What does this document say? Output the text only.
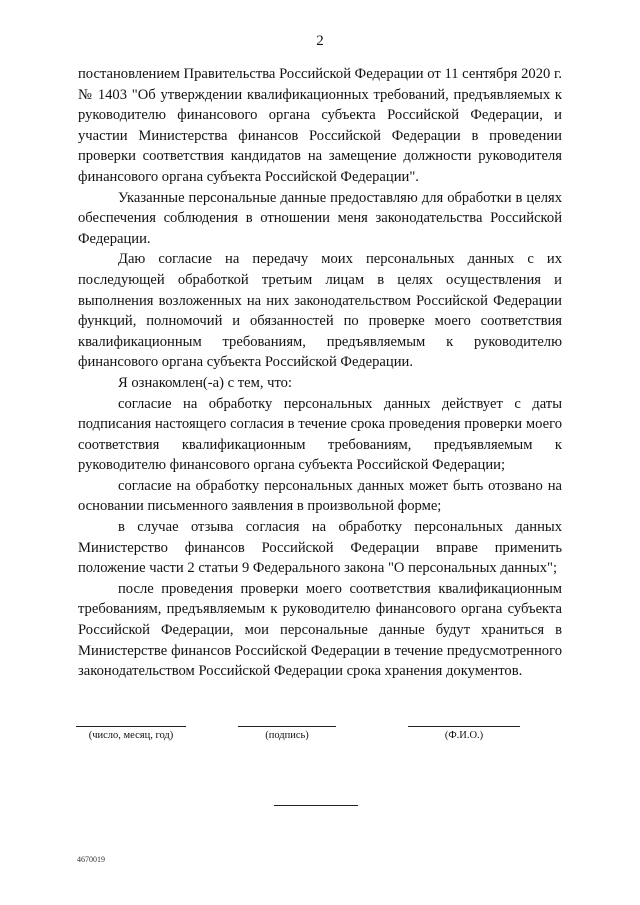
2

постановлением Правительства Российской Федерации от 11 сентября 2020 г. № 1403 "Об утверждении квалификационных требований, предъявляемых к руководителю финансового органа субъекта Российской Федерации, и участии Министерства финансов Российской Федерации в проведении проверки соответствия кандидатов на замещение должности руководителя финансового органа субъекта Российской Федерации".

Указанные персональные данные предоставляю для обработки в целях обеспечения соблюдения в отношении меня законодательства Российской Федерации.

Даю согласие на передачу моих персональных данных с их последующей обработкой третьим лицам в целях осуществления и выполнения возложенных на них законодательством Российской Федерации функций, полномочий и обязанностей по проверке моего соответствия квалификационным требованиям, предъявляемым к руководителю финансового органа субъекта Российской Федерации.

Я ознакомлен(-а) с тем, что:

согласие на обработку персональных данных действует с даты подписания настоящего согласия в течение срока проведения проверки моего соответствия квалификационным требованиям, предъявляемым к руководителю финансового органа субъекта Российской Федерации;

согласие на обработку персональных данных может быть отозвано на основании письменного заявления в произвольной форме;

в случае отзыва согласия на обработку персональных данных Министерство финансов Российской Федерации вправе применить положение части 2 статьи 9 Федерального закона "О персональных данных";

после проведения проверки моего соответствия квалификационным требованиям, предъявляемым к руководителю финансового органа субъекта Российской Федерации, мои персональные данные будут храниться в Министерстве финансов Российской Федерации в течение предусмотренного законодательством Российской Федерации срока хранения документов.

(число, месяц, год)	(подпись)	(Ф.И.О.)
4670019
